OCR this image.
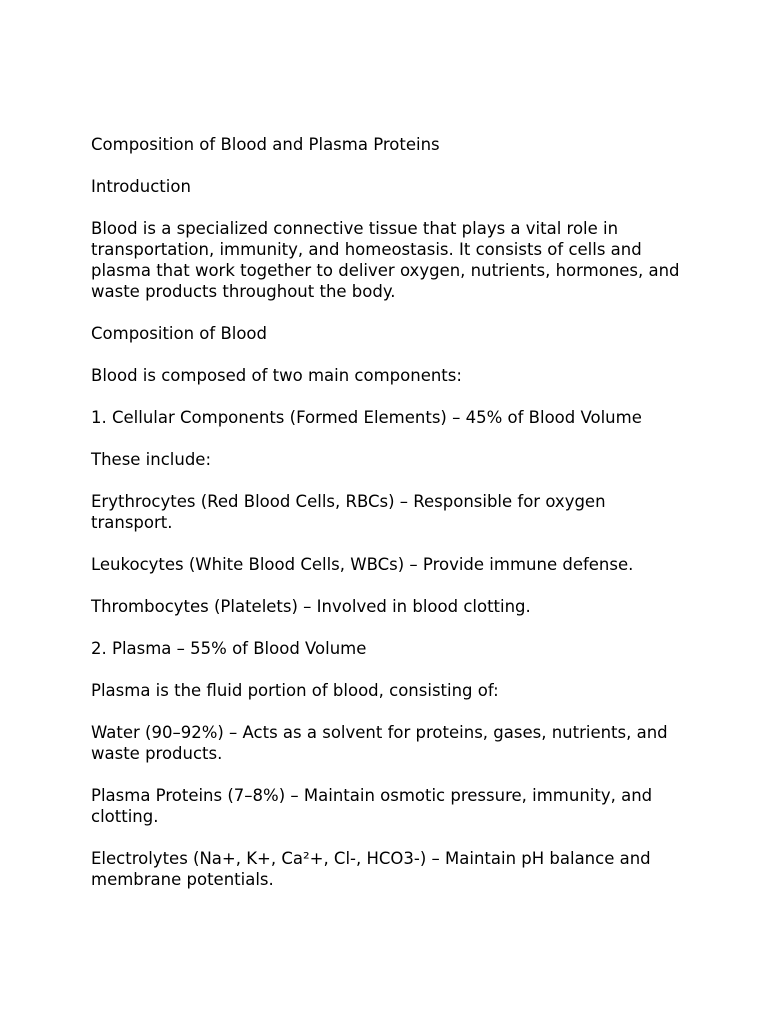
Composition of Blood and Plasma Proteins

Introduction

Blood is a specialized connective tissue that plays a vital role in transportation, immunity, and homeostasis. It consists of cells and plasma that work together to deliver oxygen, nutrients, hormones, and waste products throughout the body.

Composition of Blood

Blood is composed of two main components:

1. Cellular Components (Formed Elements) – 45% of Blood Volume

These include:

Erythrocytes (Red Blood Cells, RBCs) – Responsible for oxygen transport.

Leukocytes (White Blood Cells, WBCs) – Provide immune defense.

Thrombocytes (Platelets) – Involved in blood clotting.

2. Plasma – 55% of Blood Volume

Plasma is the fluid portion of blood, consisting of:

Water (90–92%) – Acts as a solvent for proteins, gases, nutrients, and waste products.

Plasma Proteins (7–8%) – Maintain osmotic pressure, immunity, and clotting.

Electrolytes (Na+, K+, Ca²+, Cl-, HCO3-) – Maintain pH balance and membrane potentials.
